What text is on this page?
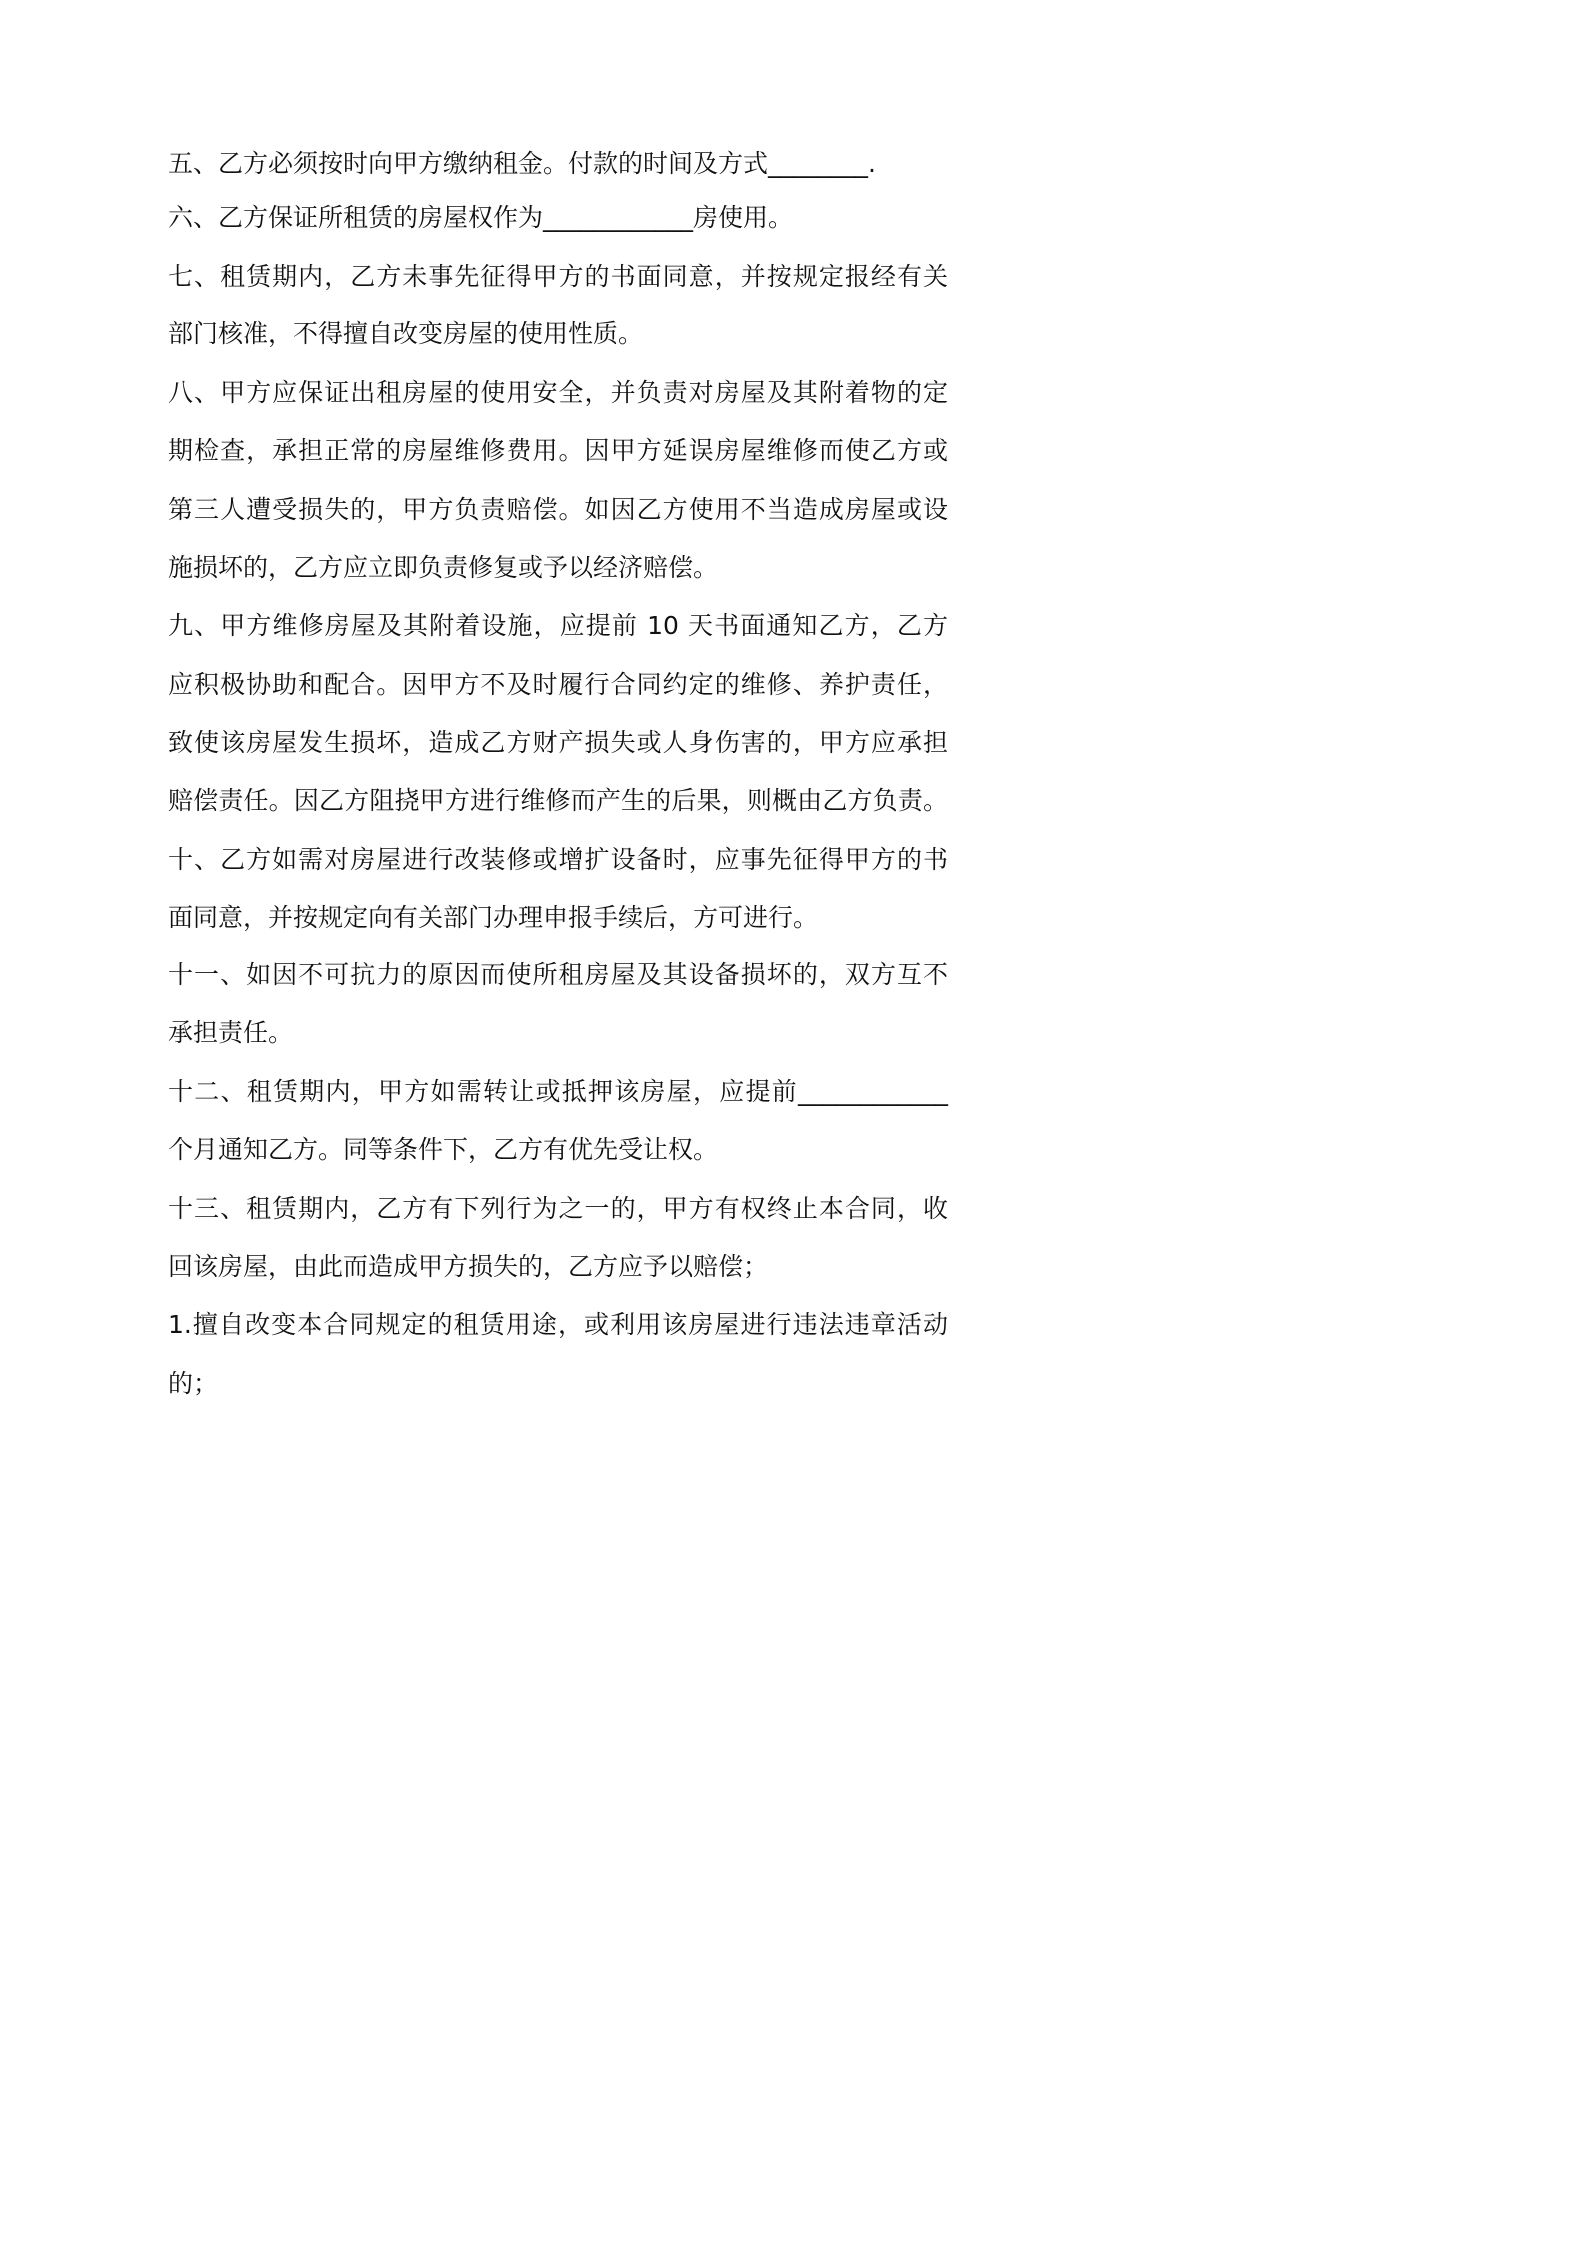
五、乙方必须按时向甲方缴纳租金。付款的时间及方式________.
六、乙方保证所租赁的房屋权作为____________房使用。
七、租赁期内，乙方未事先征得甲方的书面同意，并按规定报经有关
部门核准，不得擅自改变房屋的使用性质。
八、甲方应保证出租房屋的使用安全，并负责对房屋及其附着物的定
期检查，承担正常的房屋维修费用。因甲方延误房屋维修而使乙方或
第三人遭受损失的，甲方负责赔偿。如因乙方使用不当造成房屋或设
施损坏的，乙方应立即负责修复或予以经济赔偿。
九、甲方维修房屋及其附着设施，应提前 10 天书面通知乙方，乙方
应积极协助和配合。因甲方不及时履行合同约定的维修、养护责任，
致使该房屋发生损坏，造成乙方财产损失或人身伤害的，甲方应承担
赔偿责任。因乙方阻挠甲方进行维修而产生的后果，则概由乙方负责。
十、乙方如需对房屋进行改装修或增扩设备时，应事先征得甲方的书
面同意，并按规定向有关部门办理申报手续后，方可进行。
十一、如因不可抗力的原因而使所租房屋及其设备损坏的，双方互不
承担责任。
十二、租赁期内，甲方如需转让或抵押该房屋，应提前____________
个月通知乙方。同等条件下，乙方有优先受让权。
十三、租赁期内，乙方有下列行为之一的，甲方有权终止本合同，收
回该房屋，由此而造成甲方损失的，乙方应予以赔偿；
1.擅自改变本合同规定的租赁用途，或利用该房屋进行违法违章活动
的；
